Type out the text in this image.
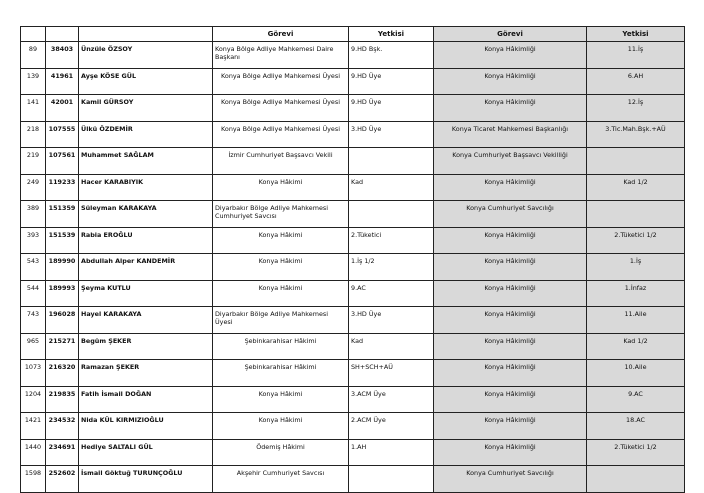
			Görevi	Yetkisi	Görevi	Yetkisi
89	38403	Ünzüle ÖZSOY	Konya Bölge Adliye Mahkemesi Daire Başkanı	9.HD Bşk.	Konya Hâkimliği	11.İş
139	41961	Ayşe KÖSE GÜL	Konya Bölge Adliye Mahkemesi Üyesi	9.HD Üye	Konya Hâkimliği	6.AH
141	42001	Kamil GÜRSOY	Konya Bölge Adliye Mahkemesi Üyesi	9.HD Üye	Konya Hâkimliği	12.İş
218	107555	Ülkü ÖZDEMİR	Konya Bölge Adliye Mahkemesi Üyesi	3.HD Üye	Konya Ticaret Mahkemesi Başkanlığı	3.Tic.Mah.Bşk.+AÜ
219	107561	Muhammet SAĞLAM	İzmir Cumhuriyet Başsavcı Vekili		Konya Cumhuriyet Başsavcı Vekilliği	
249	119233	Hacer KARABIYIK	Konya Hâkimi	Kad	Konya Hâkimliği	Kad 1/2
389	151359	Süleyman KARAKAYA	Diyarbakır Bölge Adliye Mahkemesi Cumhuriyet Savcısı		Konya Cumhuriyet Savcılığı	
393	151539	Rabia EROĞLU	Konya Hâkimi	2.Tüketici	Konya Hâkimliği	2.Tüketici 1/2
543	189990	Abdullah Alper KANDEMİR	Konya Hâkimi	1.İş 1/2	Konya Hâkimliği	1.İş
544	189993	Şeyma KUTLU	Konya Hâkimi	9.AC	Konya Hâkimliği	1.İnfaz
743	196028	Hayel KARAKAYA	Diyarbakır Bölge Adliye Mahkemesi Üyesi	3.HD Üye	Konya Hâkimliği	11.Aile
965	215271	Begüm ŞEKER	Şebinkarahisar Hâkimi	Kad	Konya Hâkimliği	Kad 1/2
1073	216320	Ramazan ŞEKER	Şebinkarahisar Hâkimi	SH+SCH+AÜ	Konya Hâkimliği	10.Aile
1204	219835	Fatih İsmail DOĞAN	Konya Hâkimi	3.ACM Üye	Konya Hâkimliği	9.AC
1421	234532	Nida KÜL KIRMIZIOĞLU	Konya Hâkimi	2.ACM Üye	Konya Hâkimliği	18.AC
1440	234691	Hediye SALTALI GÜL	Ödemiş Hâkimi	1.AH	Konya Hâkimliği	2.Tüketici 1/2
1598	252602	İsmail Göktuğ TURUNÇOĞLU	Akşehir Cumhuriyet Savcısı		Konya Cumhuriyet Savcılığı	
